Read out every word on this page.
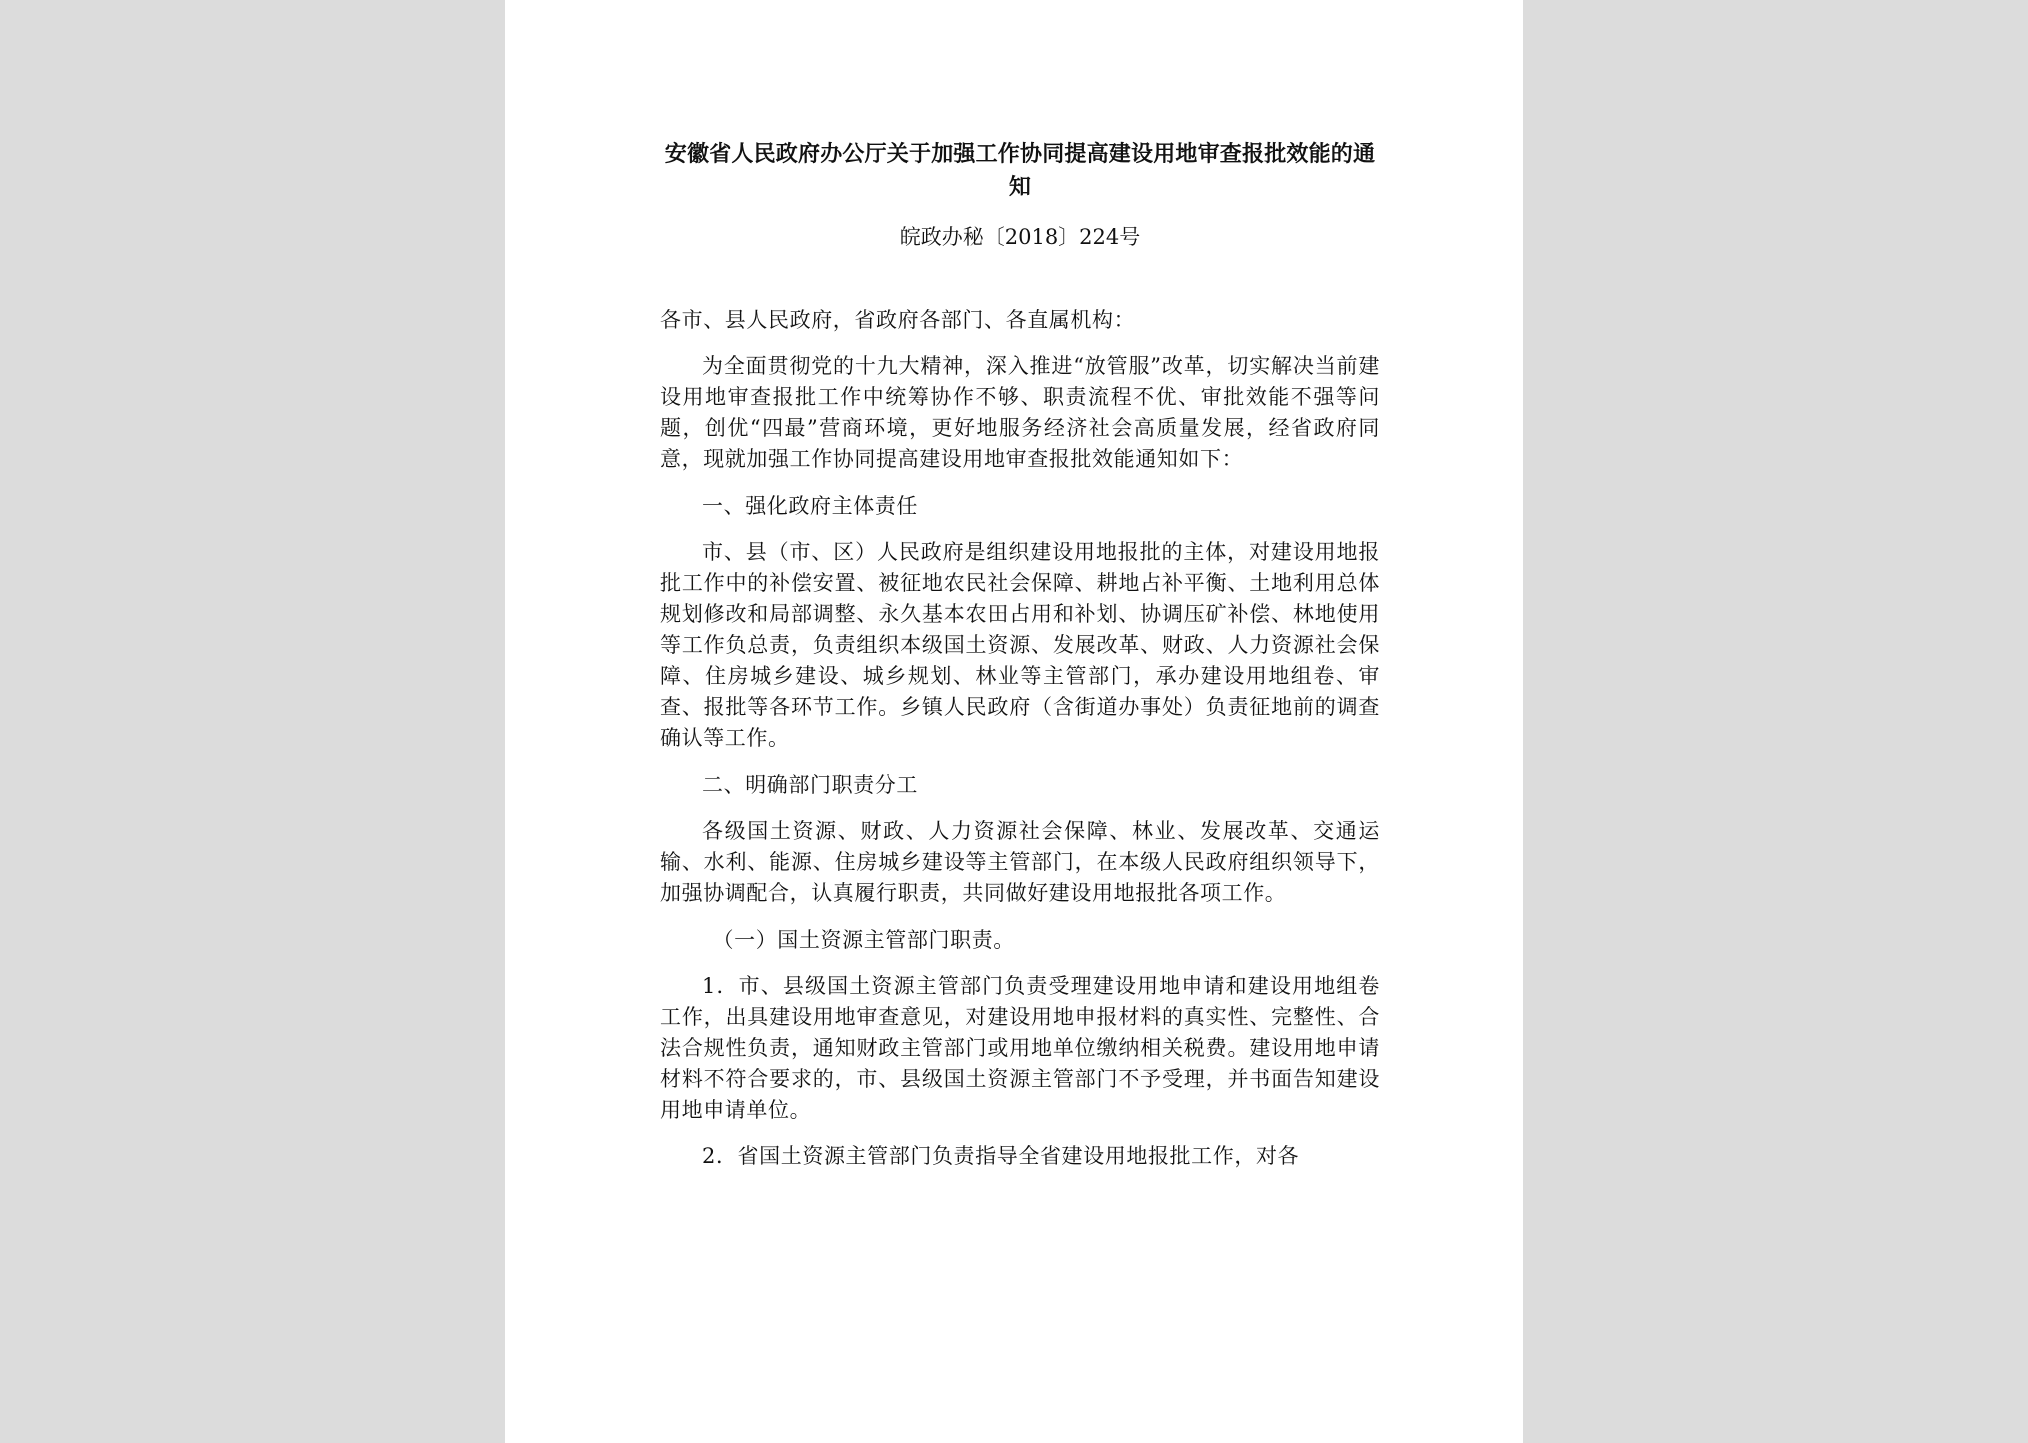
安徽省人民政府办公厅关于加强工作协同提高建设用地审查报批效能的通知

皖政办秘〔2018〕224号

各市、县人民政府，省政府各部门、各直属机构：

为全面贯彻党的十九大精神，深入推进“放管服”改革，切实解决当前建设用地审查报批工作中统筹协作不够、职责流程不优、审批效能不强等问题，创优“四最”营商环境，更好地服务经济社会高质量发展，经省政府同意，现就加强工作协同提高建设用地审查报批效能通知如下：

一、强化政府主体责任

市、县（市、区）人民政府是组织建设用地报批的主体，对建设用地报批工作中的补偿安置、被征地农民社会保障、耕地占补平衡、土地利用总体规划修改和局部调整、永久基本农田占用和补划、协调压矿补偿、林地使用等工作负总责，负责组织本级国土资源、发展改革、财政、人力资源社会保障、住房城乡建设、城乡规划、林业等主管部门，承办建设用地组卷、审查、报批等各环节工作。乡镇人民政府（含街道办事处）负责征地前的调查确认等工作。

二、明确部门职责分工

各级国土资源、财政、人力资源社会保障、林业、发展改革、交通运输、水利、能源、住房城乡建设等主管部门，在本级人民政府组织领导下，加强协调配合，认真履行职责，共同做好建设用地报批各项工作。

（一）国土资源主管部门职责。

1．市、县级国土资源主管部门负责受理建设用地申请和建设用地组卷工作，出具建设用地审查意见，对建设用地申报材料的真实性、完整性、合法合规性负责，通知财政主管部门或用地单位缴纳相关税费。建设用地申请材料不符合要求的，市、县级国土资源主管部门不予受理，并书面告知建设用地申请单位。

2．省国土资源主管部门负责指导全省建设用地报批工作，对各
